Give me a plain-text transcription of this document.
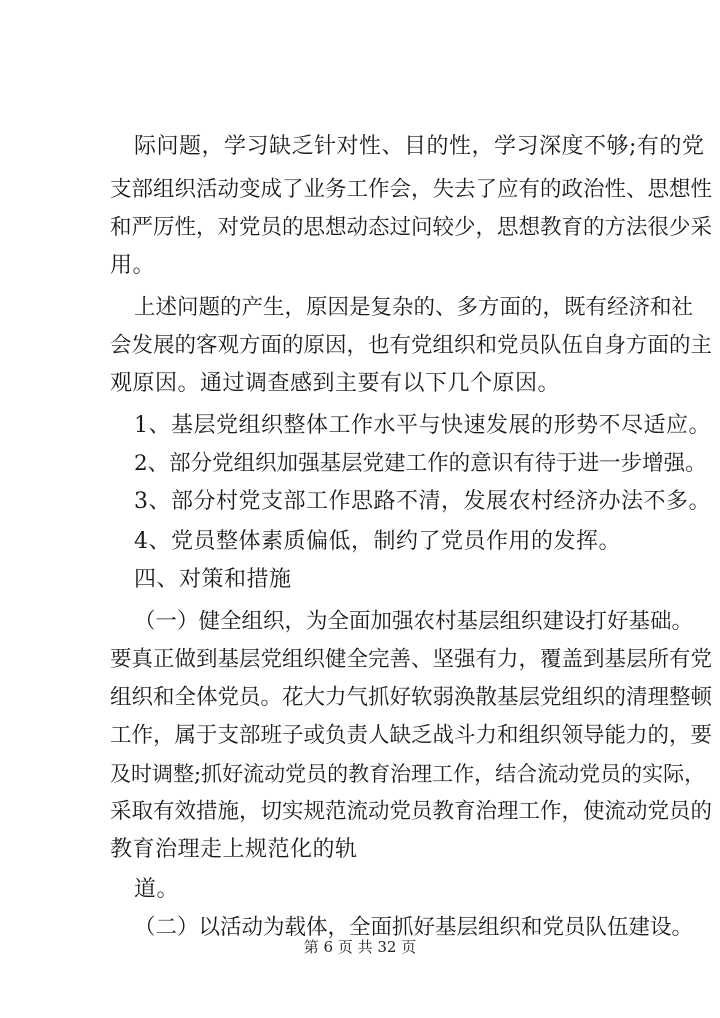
际问题，学习缺乏针对性、目的性，学习深度不够;有的党
支部组织活动变成了业务工作会，失去了应有的政治性、思想性
和严厉性，对党员的思想动态过问较少，思想教育的方法很少采
用。
上述问题的产生，原因是复杂的、多方面的，既有经济和社
会发展的客观方面的原因，也有党组织和党员队伍自身方面的主
观原因。通过调查感到主要有以下几个原因。
1、基层党组织整体工作水平与快速发展的形势不尽适应。
2、部分党组织加强基层党建工作的意识有待于进一步增强。
3、部分村党支部工作思路不清，发展农村经济办法不多。
4、党员整体素质偏低，制约了党员作用的发挥。
四、对策和措施
（一）健全组织，为全面加强农村基层组织建设打好基础。
要真正做到基层党组织健全完善、坚强有力，覆盖到基层所有党
组织和全体党员。花大力气抓好软弱涣散基层党组织的清理整顿
工作，属于支部班子或负责人缺乏战斗力和组织领导能力的，要
及时调整;抓好流动党员的教育治理工作，结合流动党员的实际，
采取有效措施，切实规范流动党员教育治理工作，使流动党员的
教育治理走上规范化的轨
道。
（二）以活动为载体，全面抓好基层组织和党员队伍建设。
第 6 页 共 32 页
